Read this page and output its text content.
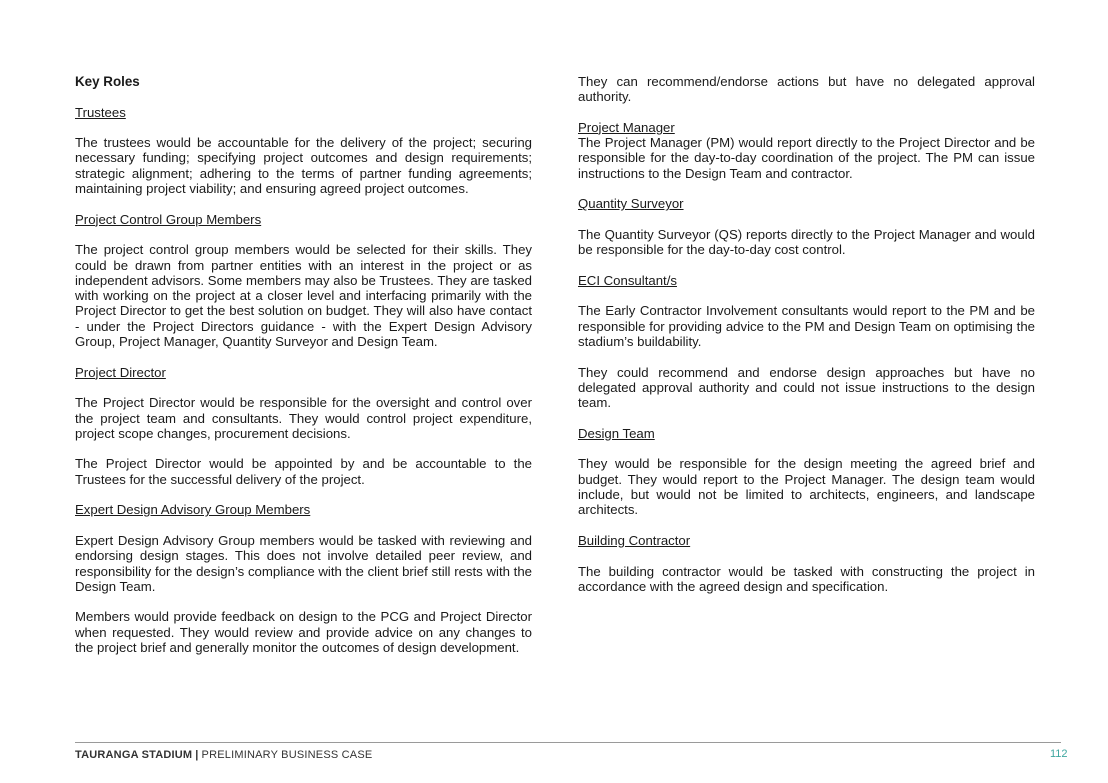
Key Roles
Trustees
The trustees would be accountable for the delivery of the project; securing necessary funding; specifying project outcomes and design requirements; strategic alignment; adhering to the terms of partner funding agreements; maintaining project viability; and ensuring agreed project outcomes.
Project Control Group Members
The project control group members would be selected for their skills. They could be drawn from partner entities with an interest in the project or as independent advisors. Some members may also be Trustees. They are tasked with working on the project at a closer level and interfacing primarily with the Project Director to get the best solution on budget. They will also have contact - under the Project Directors guidance - with the Expert Design Advisory Group, Project Manager, Quantity Surveyor and Design Team.
Project Director
The Project Director would be responsible for the oversight and control over the project team and consultants. They would control project expenditure, project scope changes, procurement decisions.
The Project Director would be appointed by and be accountable to the Trustees for the successful delivery of the project.
Expert Design Advisory Group Members
Expert Design Advisory Group members would be tasked with reviewing and endorsing design stages. This does not involve detailed peer review, and responsibility for the design’s compliance with the client brief still rests with the Design Team.
Members would provide feedback on design to the PCG and Project Director when requested. They would review and provide advice on any changes to the project brief and generally monitor the outcomes of design development.
They can recommend/endorse actions but have no delegated approval authority.
Project Manager
The Project Manager (PM) would report directly to the Project Director and be responsible for the day-to-day coordination of the project. The PM can issue instructions to the Design Team and contractor.
Quantity Surveyor
The Quantity Surveyor (QS) reports directly to the Project Manager and would be responsible for the day-to-day cost control.
ECI Consultant/s
The Early Contractor Involvement consultants would report to the PM and be responsible for providing advice to the PM and Design Team on optimising the stadium’s buildability.
They could recommend and endorse design approaches but have no delegated approval authority and could not issue instructions to the design team.
Design Team
They would be responsible for the design meeting the agreed brief and budget. They would report to the Project Manager. The design team would include, but would not be limited to architects, engineers, and landscape architects.
Building Contractor
The building contractor would be tasked with constructing the project in accordance with the agreed design and specification.
TAURANGA STADIUM | PRELIMINARY BUSINESS CASE	112
